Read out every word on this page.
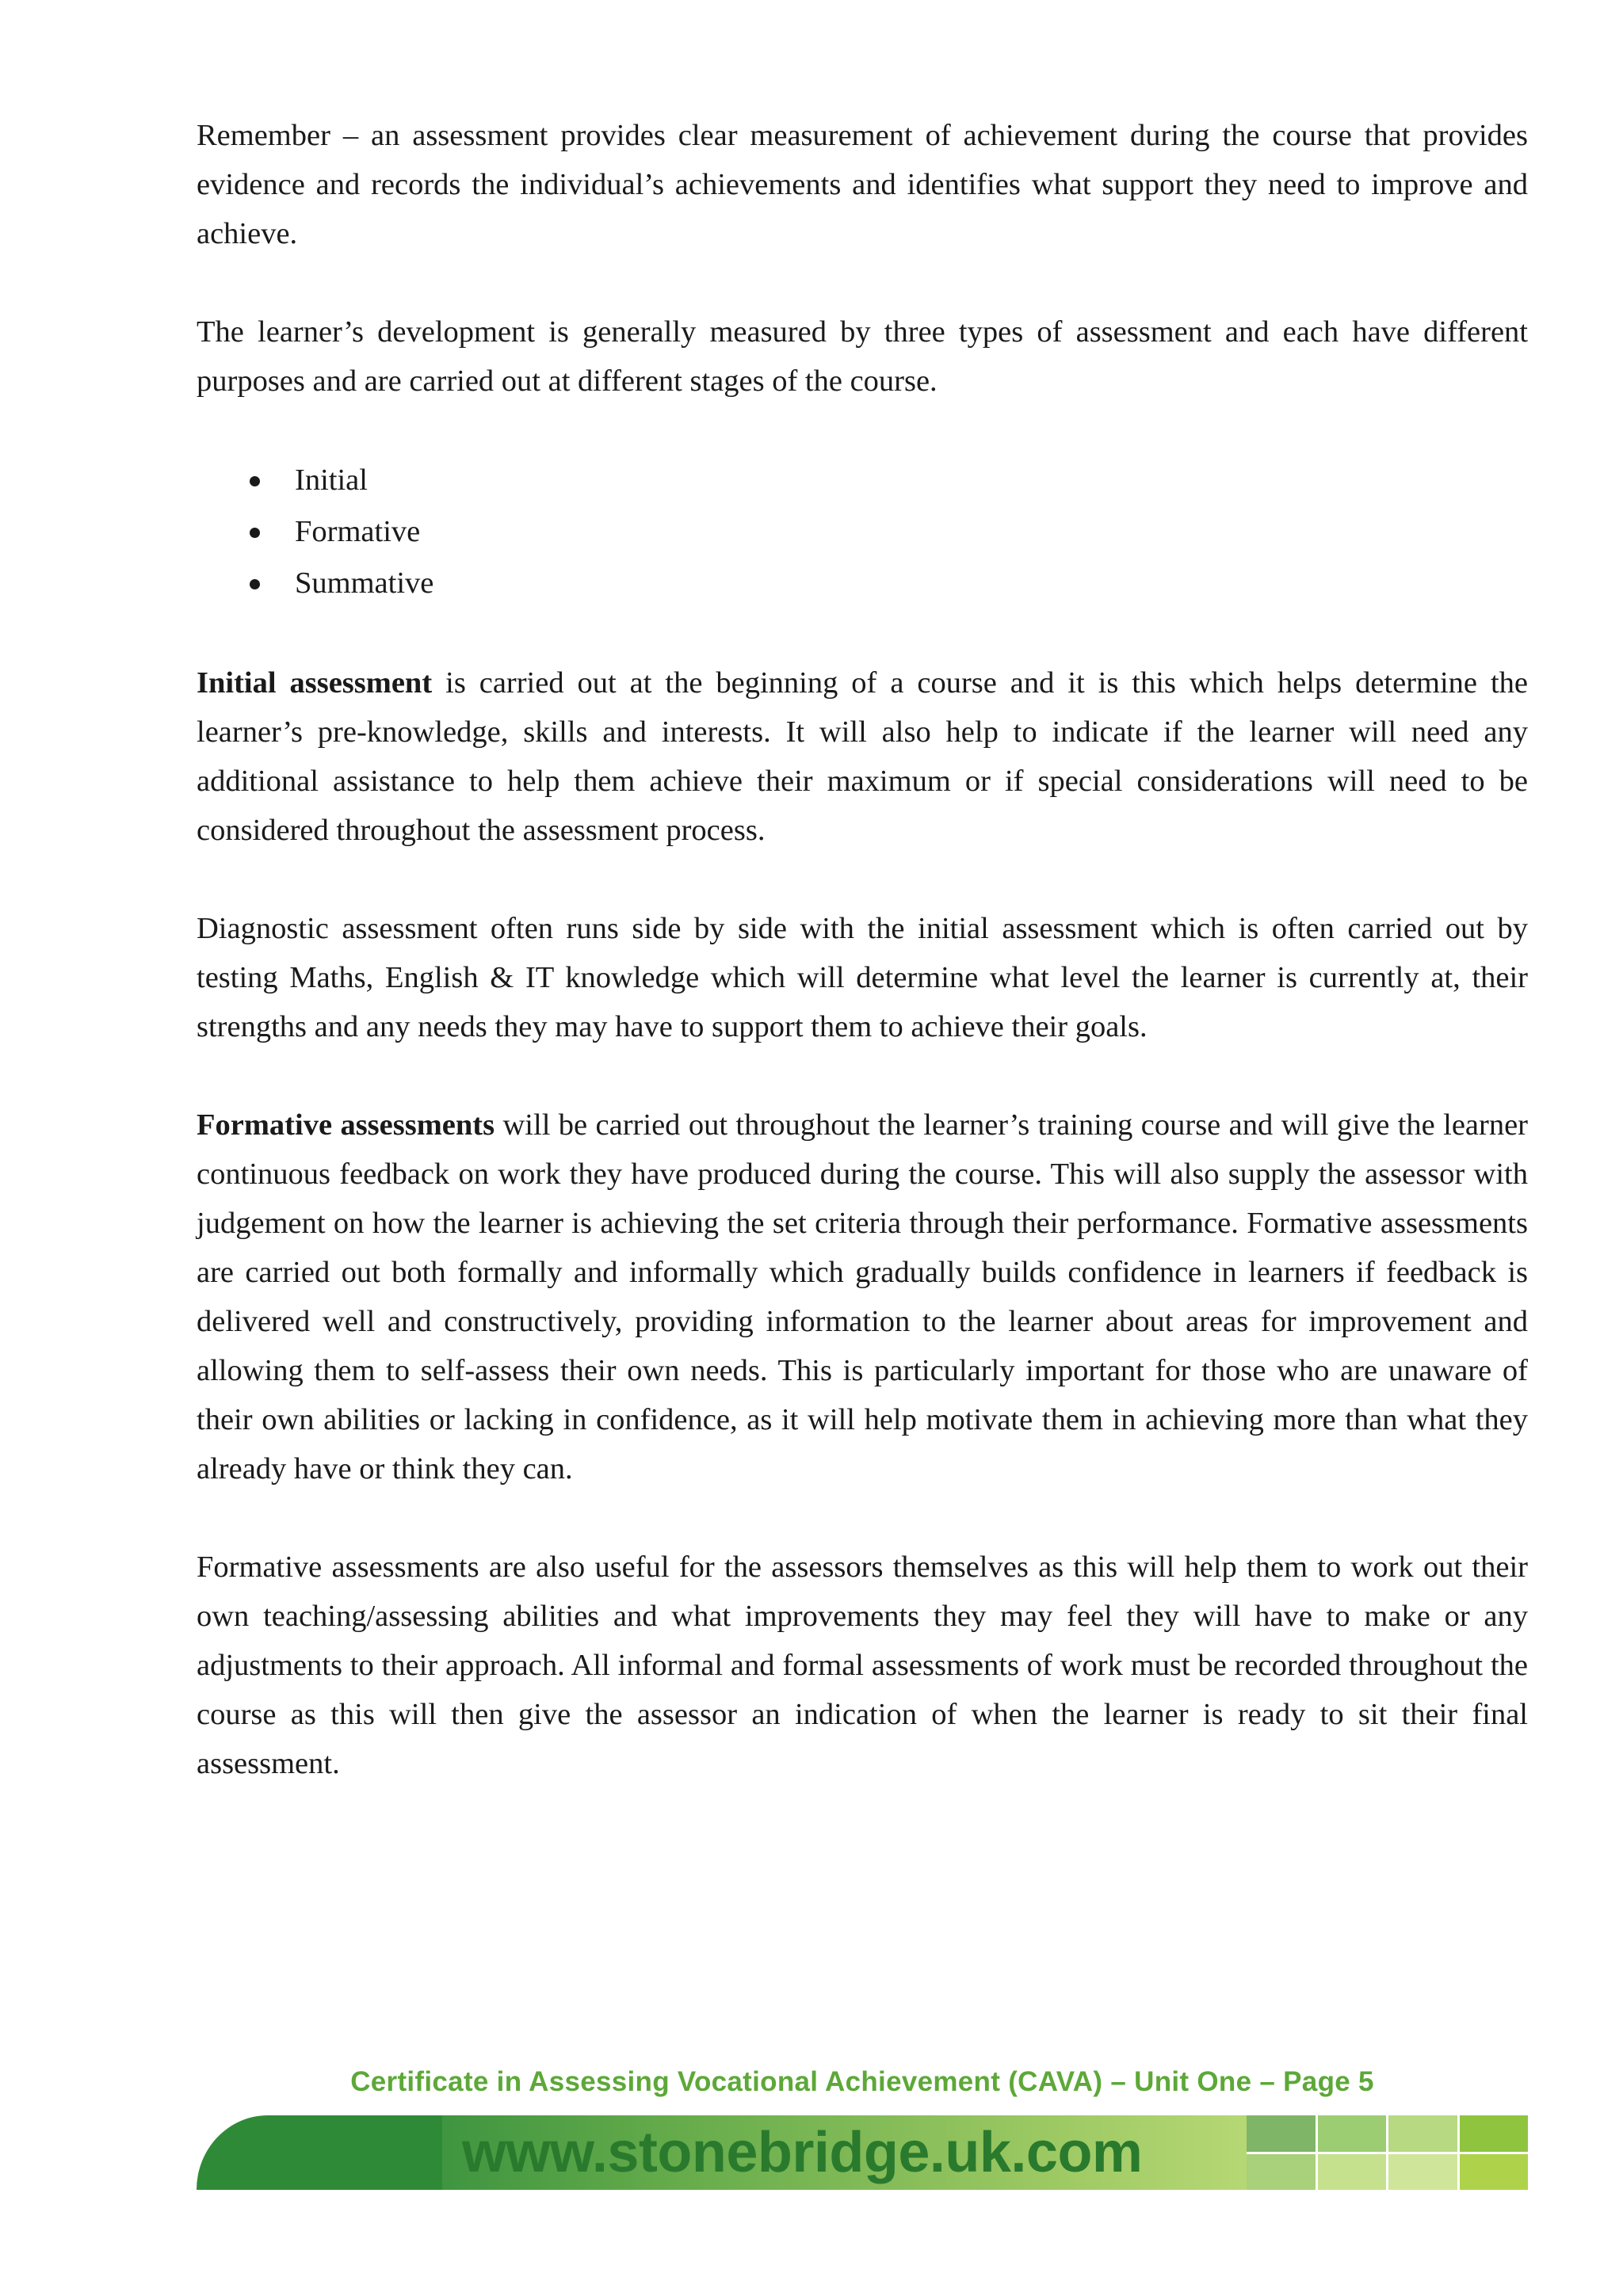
Remember – an assessment provides clear measurement of achievement during the course that provides evidence and records the individual’s achievements and identifies what support they need to improve and achieve.

The learner’s development is generally measured by three types of assessment and each have different purposes and are carried out at different stages of the course.

Initial
Formative
Summative

Initial assessment is carried out at the beginning of a course and it is this which helps determine the learner’s pre-knowledge, skills and interests. It will also help to indicate if the learner will need any additional assistance to help them achieve their maximum or if special considerations will need to be considered throughout the assessment process.

Diagnostic assessment often runs side by side with the initial assessment which is often carried out by testing Maths, English & IT knowledge which will determine what level the learner is currently at, their strengths and any needs they may have to support them to achieve their goals.

Formative assessments will be carried out throughout the learner’s training course and will give the learner continuous feedback on work they have produced during the course. This will also supply the assessor with judgement on how the learner is achieving the set criteria through their performance. Formative assessments are carried out both formally and informally which gradually builds confidence in learners if feedback is delivered well and constructively, providing information to the learner about areas for improvement and allowing them to self-assess their own needs. This is particularly important for those who are unaware of their own abilities or lacking in confidence, as it will help motivate them in achieving more than what they already have or think they can.

Formative assessments are also useful for the assessors themselves as this will help them to work out their own teaching/assessing abilities and what improvements they may feel they will have to make or any adjustments to their approach. All informal and formal assessments of work must be recorded throughout the course as this will then give the assessor an indication of when the learner is ready to sit their final assessment.

Certificate in Assessing Vocational Achievement (CAVA) – Unit One – Page 5
www.stonebridge.uk.com
